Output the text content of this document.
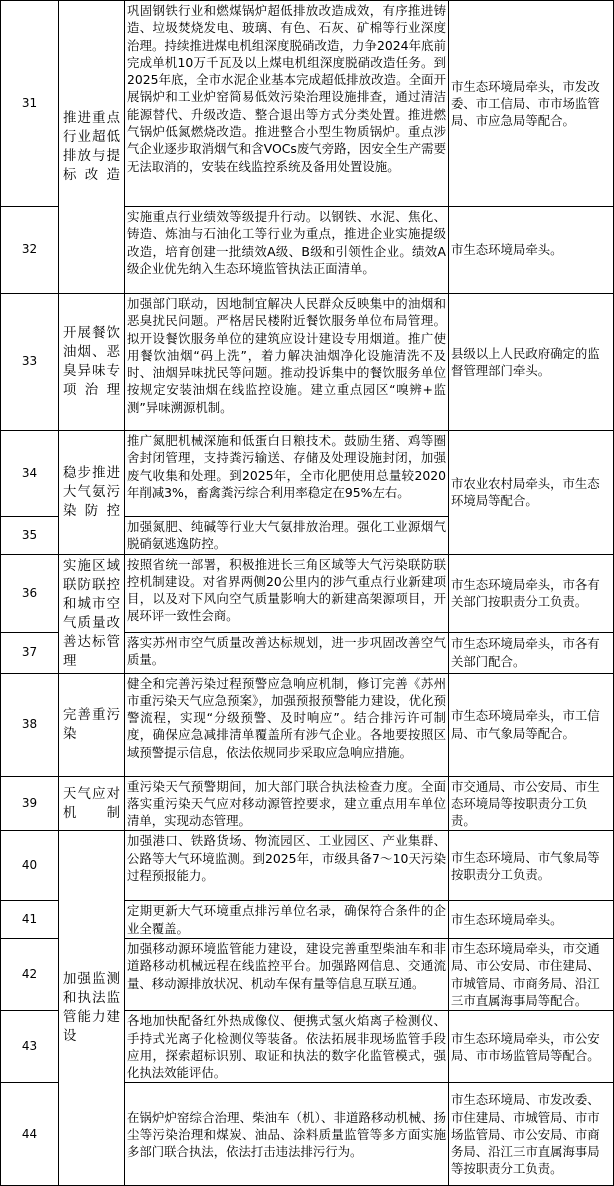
31	推进重点行业超低排放与提标改造	巩固钢铁行业和燃煤锅炉超低排放改造成效，有序推进铸造、垃圾焚烧发电、玻璃、有色、石灰、矿棉等行业深度治理。持续推进煤电机组深度脱硝改造，力争2024年底前完成单机10万千瓦及以上煤电机组深度脱硝改造任务。到2025年底，全市水泥企业基本完成超低排放改造。全面开展锅炉和工业炉窑简易低效污染治理设施排查，通过清洁能源替代、升级改造、整合退出等方式分类处置。推进燃气锅炉低氮燃烧改造。推进整合小型生物质锅炉。重点涉气企业逐步取消烟气和含VOCs废气旁路，因安全生产需要无法取消的，安装在线监控系统及备用处置设施。	市生态环境局牵头，市发改委、市工信局、市市场监管局、市应急局等配合。
32		实施重点行业绩效等级提升行动。以钢铁、水泥、焦化、铸造、炼油与石油化工等行业为重点，推进企业实施提级改造，培育创建一批绩效A级、B级和引领性企业。绩效A级企业优先纳入生态环境监管执法正面清单。	市生态环境局牵头。
33	开展餐饮油烟、恶臭异味专项治理	加强部门联动，因地制宜解决人民群众反映集中的油烟和恶臭扰民问题。严格居民楼附近餐饮服务单位布局管理。拟开设餐饮服务单位的建筑应设计建设专用烟道。推广使用餐饮油烟“码上洗”，着力解决油烟净化设施清洗不及时、油烟异味扰民等问题。推动投诉集中的餐饮服务单位按规定安装油烟在线监控设施。建立重点园区“嗅辨+监测”异味溯源机制。	县级以上人民政府确定的监督管理部门牵头。
34	稳步推进大气氨污染防控	推广氮肥机械深施和低蛋白日粮技术。鼓励生猪、鸡等圈舍封闭管理，支持粪污输送、存储及处理设施封闭，加强废气收集和处理。到2025年，全市化肥使用总量较2020年削减3%，畜禽粪污综合利用率稳定在95%左右。	市农业农村局牵头，市生态环境局等配合。
35		加强氮肥、纯碱等行业大气氨排放治理。强化工业源烟气脱硝氨逃逸防控。	
36	实施区域联防联控和城市空气质量改善达标管理	按照省统一部署，积极推进长三角区域等大气污染联防联控机制建设。对省界两侧20公里内的涉气重点行业新建项目，以及对下风向空气质量影响大的新建高架源项目，开展环评一致性会商。	市生态环境局牵头，市各有关部门按职责分工负责。
37		落实苏州市空气质量改善达标规划，进一步巩固改善空气质量。	市生态环境局牵头，市各有关部门配合。
38	完善重污染	健全和完善污染过程预警应急响应机制，修订完善《苏州市重污染天气应急预案》，加强预报预警能力建设，优化预警流程，实现“分级预警、及时响应”。结合排污许可制度，确保应急减排清单覆盖所有涉气企业。各地要按照区域预警提示信息，依法依规同步采取应急响应措施。	市生态环境局牵头，市工信局、市气象局等配合。
39	天气应对机制	重污染天气预警期间，加大部门联合执法检查力度。全面落实重污染天气应对移动源管控要求，建立重点用车单位清单，实现动态管理。	市交通局、市公安局、市生态环境局等按职责分工负责。
40	加强监测和执法监管能力建设	加强港口、铁路货场、物流园区、工业园区、产业集群、公路等大气环境监测。到2025年，市级具备7～10天污染过程预报能力。	市生态环境局、市气象局等按职责分工负责。
41		定期更新大气环境重点排污单位名录，确保符合条件的企业全覆盖。	市生态环境局牵头。
42		加强移动源环境监管能力建设，建设完善重型柴油车和非道路移动机械远程在线监控平台。加强路网信息、交通流量、移动源排放状况、机动车保有量等信息互联互通。	市生态环境局牵头，市交通局、市公安局、市住建局、市城管局、市商务局、沿江三市直属海事局等配合。
43		各地加快配备红外热成像仪、便携式氢火焰离子检测仪、手持式光离子化检测仪等装备。依法拓展非现场监管手段应用，探索超标识别、取证和执法的数字化监管模式，强化执法效能评估。	市生态环境局牵头，市公安局、市市场监管局等配合。
44		在锅炉炉窑综合治理、柴油车（机）、非道路移动机械、扬尘等污染治理和煤炭、油品、涂料质量监管等多方面实施多部门联合执法，依法打击违法排污行为。	市生态环境局、市发改委、市住建局、市城管局、市市场监管局、市公安局、市商务局、沿江三市直属海事局等按职责分工负责。
